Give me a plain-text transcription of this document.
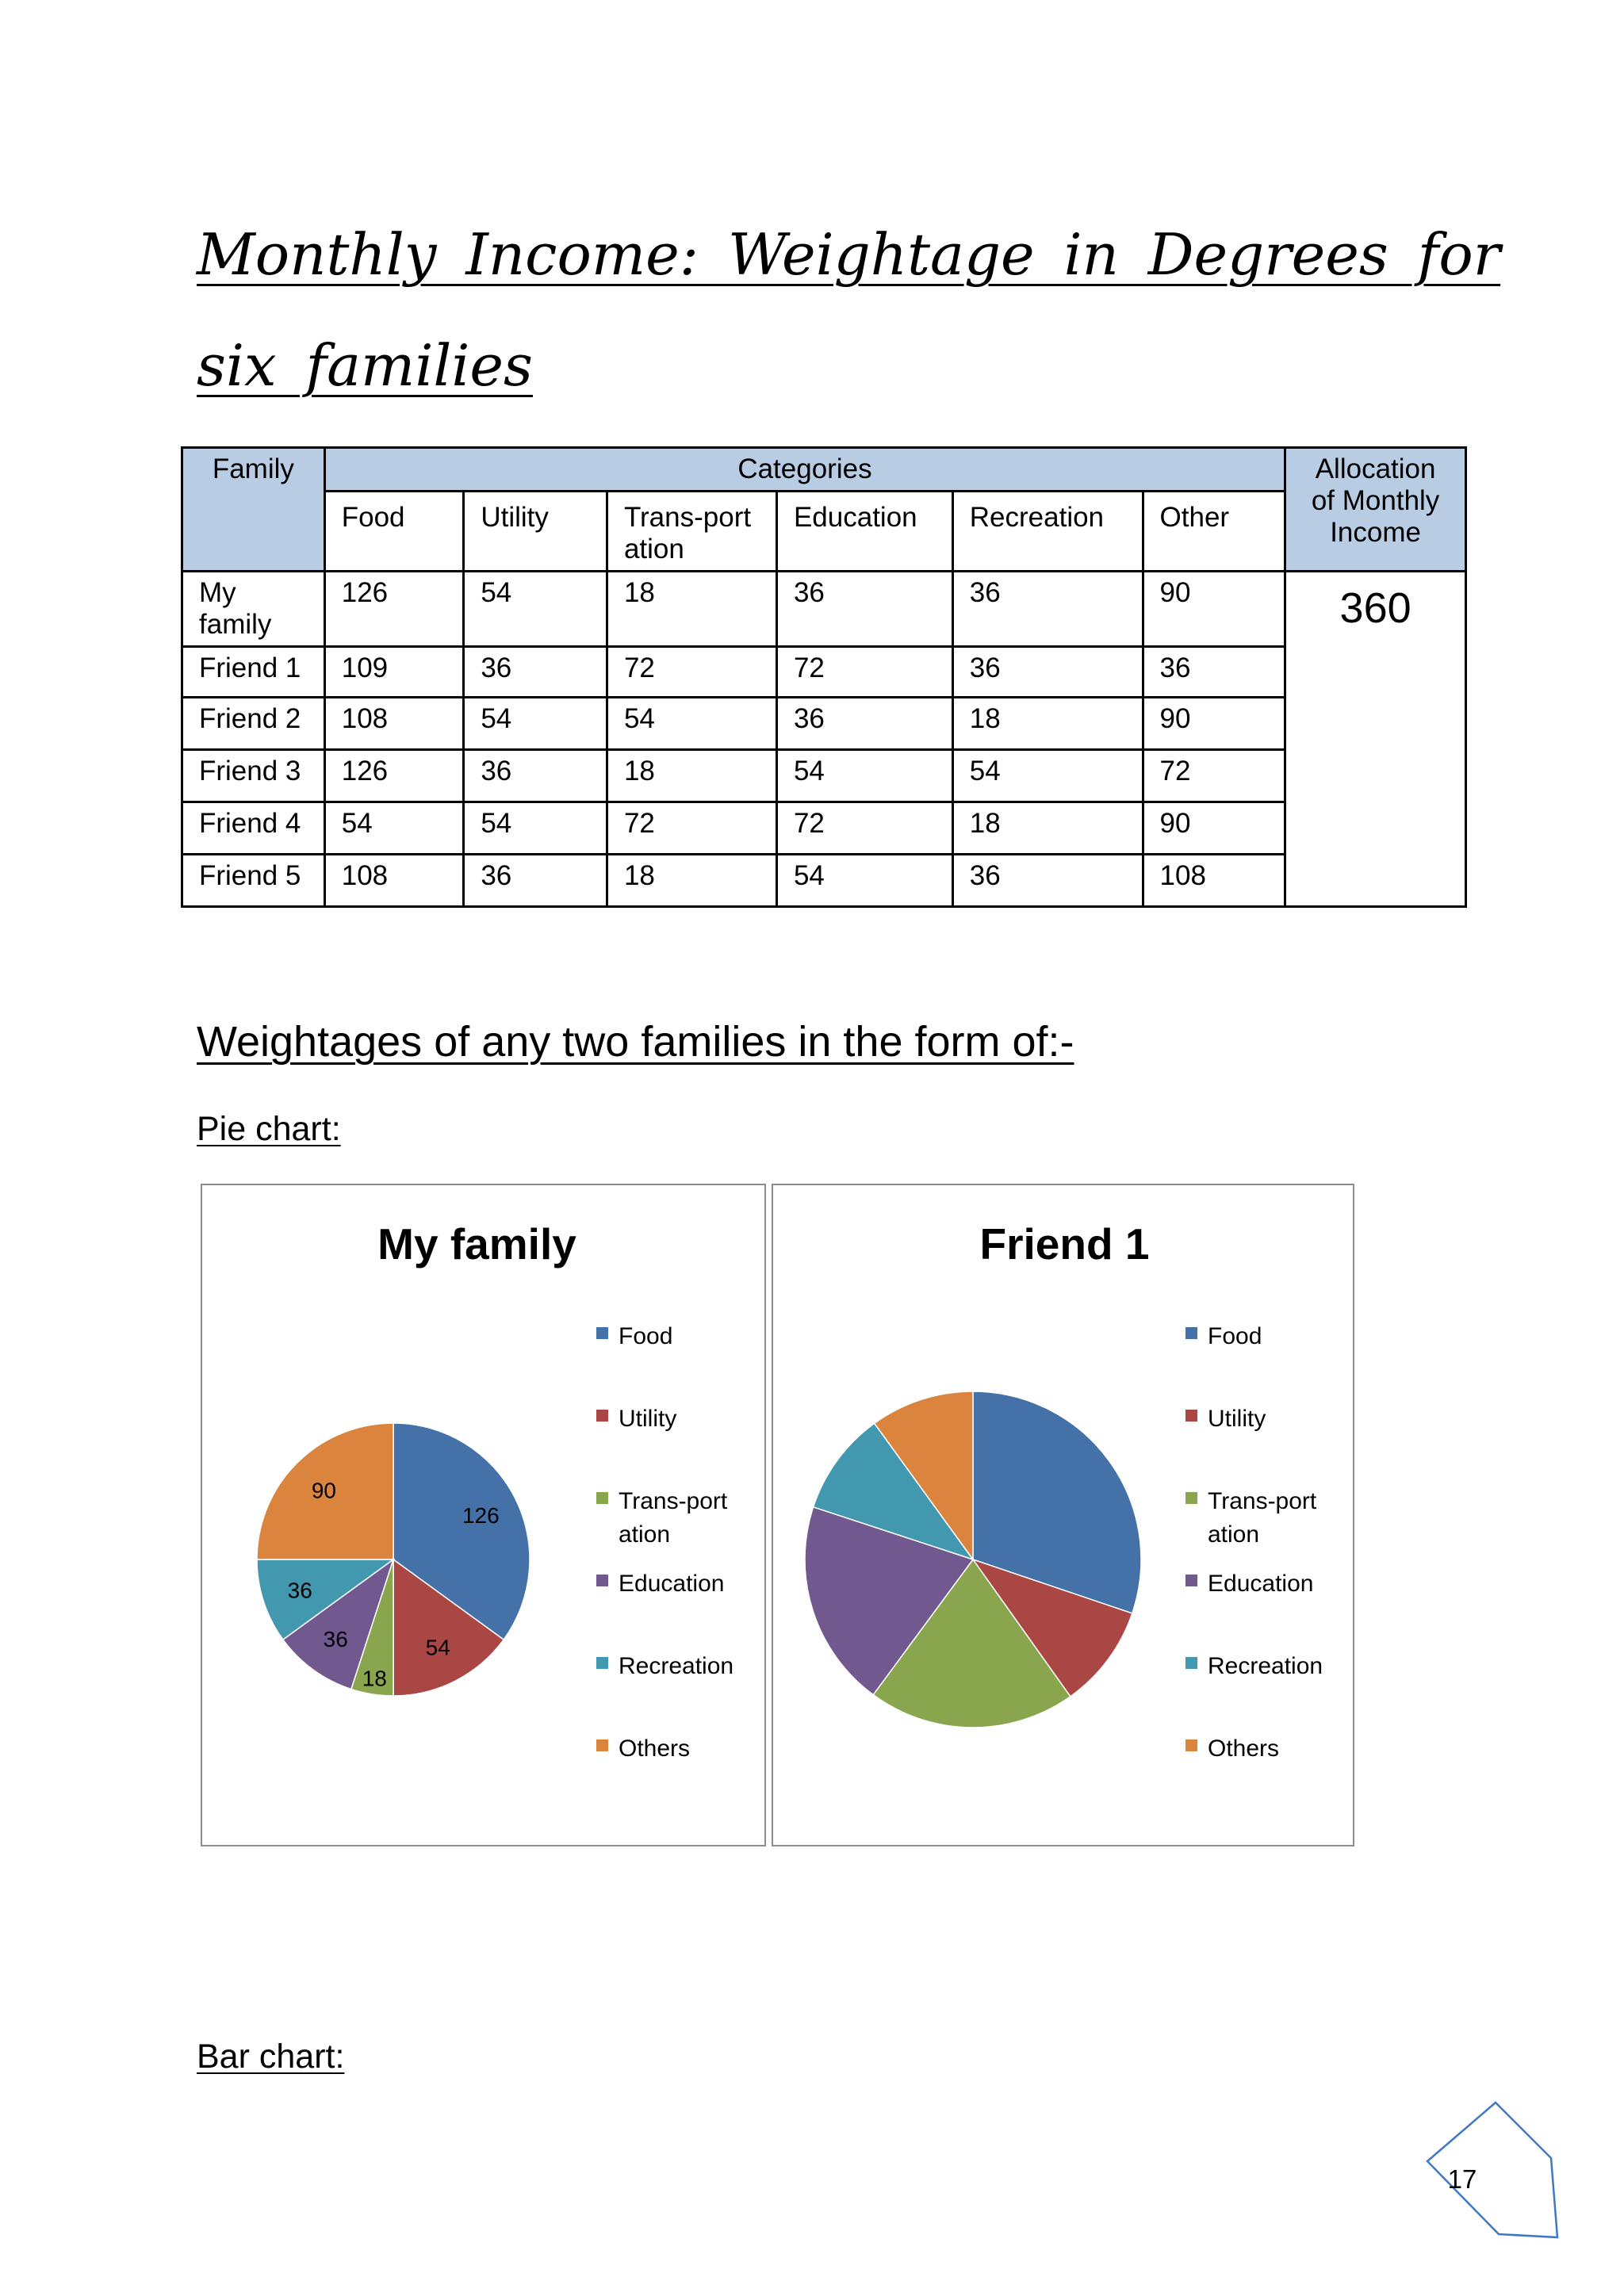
Monthly Income: Weightage in Degrees for
six families
Family	Categories						Allocation of Monthly Income
	Food	Utility	Trans-portation	Education	Recreation	Other	
My family	126	54	18	36	36	90	360
Friend 1	109	36	72	72	36	36	
Friend 2	108	54	54	36	18	90	
Friend 3	126	36	18	54	54	72	
Friend 4	54	54	72	72	18	90	
Friend 5	108	36	18	54	36	108	
Weightages of any two families in the form of:-
Pie chart:
My family
126
54
18
36
36
90
Food
Utility
Trans-portation
Education
Recreation
Others
Friend 1
Food
Utility
Trans-portation
Education
Recreation
Others
Bar chart:
17
